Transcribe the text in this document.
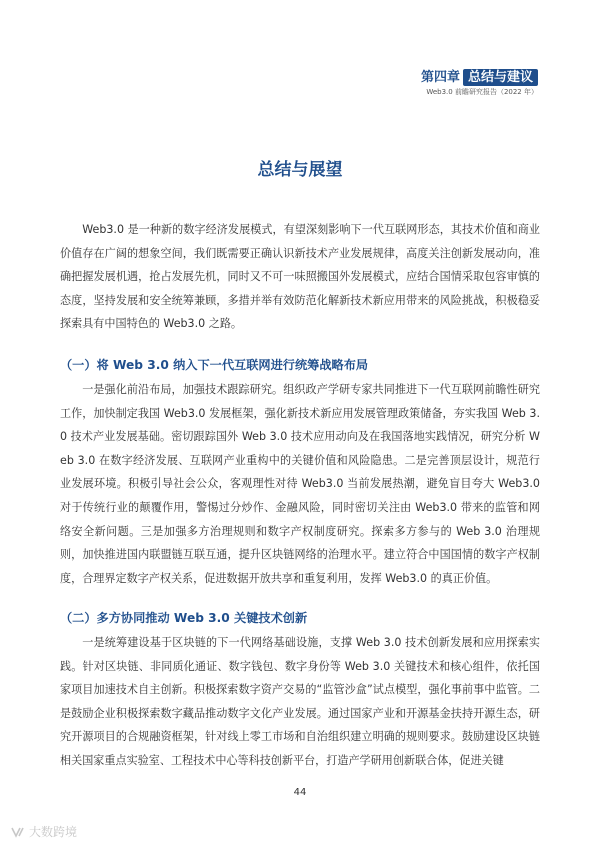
第四章 总结与建议
Web3.0 前瞻研究报告（2022 年）
总结与展望

Web3.0 是一种新的数字经济发展模式，有望深刻影响下一代互联网形态，其技术价值和商业价值存在广阔的想象空间，我们既需要正确认识新技术产业发展规律，高度关注创新发展动向，准确把握发展机遇，抢占发展先机，同时又不可一味照搬国外发展模式，应结合国情采取包容审慎的态度，坚持发展和安全统筹兼顾，多措并举有效防范化解新技术新应用带来的风险挑战，积极稳妥探索具有中国特色的 Web3.0 之路。

（一）将 Web 3.0 纳入下一代互联网进行统筹战略布局

一是强化前沿布局，加强技术跟踪研究。组织政产学研专家共同推进下一代互联网前瞻性研究工作，加快制定我国 Web3.0 发展框架，强化新技术新应用发展管理政策储备，夯实我国 Web 3.0 技术产业发展基础。密切跟踪国外 Web 3.0 技术应用动向及在我国落地实践情况，研究分析 Web 3.0 在数字经济发展、互联网产业重构中的关键价值和风险隐患。二是完善顶层设计，规范行业发展环境。积极引导社会公众，客观理性对待 Web3.0 当前发展热潮，避免盲目夸大 Web3.0 对于传统行业的颠覆作用，警惕过分炒作、金融风险，同时密切关注由 Web3.0 带来的监管和网络安全新问题。三是加强多方治理规则和数字产权制度研究。探索多方参与的 Web 3.0 治理规则，加快推进国内联盟链互联互通，提升区块链网络的治理水平。建立符合中国国情的数字产权制度，合理界定数字产权关系，促进数据开放共享和重复利用，发挥 Web3.0 的真正价值。

（二）多方协同推动 Web 3.0 关键技术创新

一是统筹建设基于区块链的下一代网络基础设施，支撑 Web 3.0 技术创新发展和应用探索实践。针对区块链、非同质化通证、数字钱包、数字身份等 Web 3.0 关键技术和核心组件，依托国家项目加速技术自主创新。积极探索数字资产交易的“监管沙盒”试点模型，强化事前事中监管。二是鼓励企业积极探索数字藏品推动数字文化产业发展。通过国家产业和开源基金扶持开源生态，研究开源项目的合规融资框架，针对线上零工市场和自治组织建立明确的规则要求。鼓励建设区块链相关国家重点实验室、工程技术中心等科技创新平台，打造产学研用创新联合体，促进关键

44
大数跨境
